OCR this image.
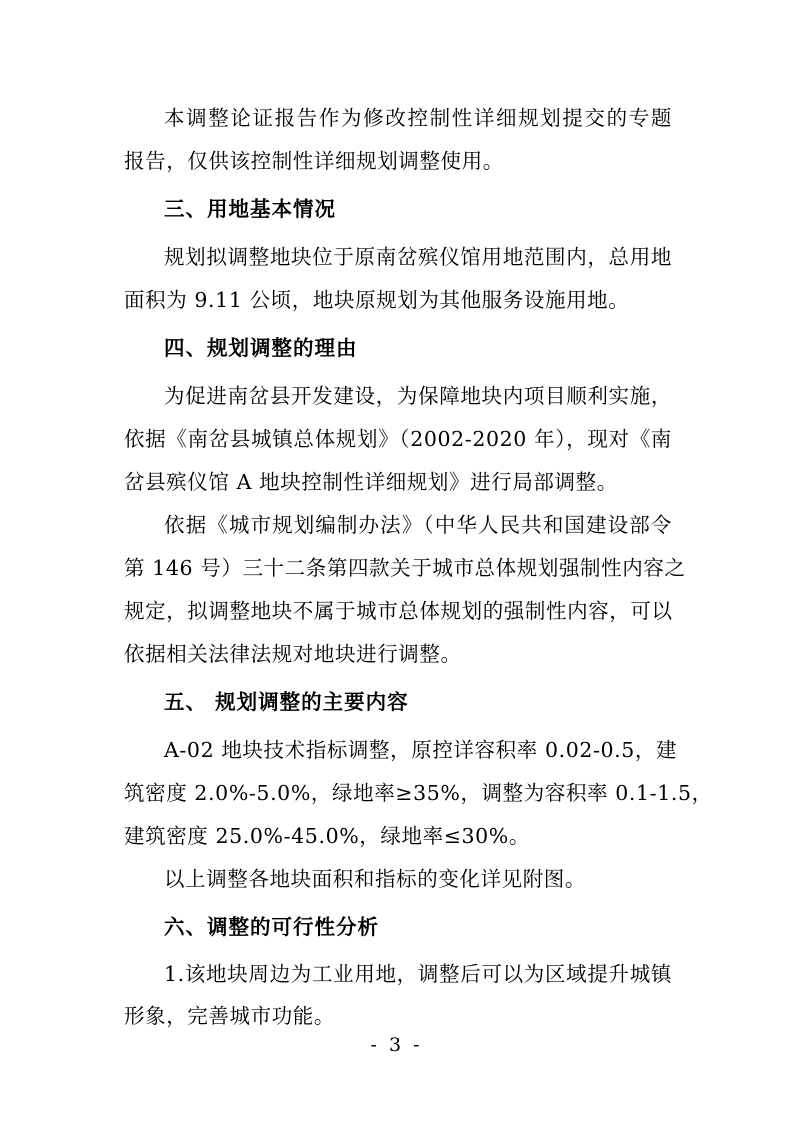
本调整论证报告作为修改控制性详细规划提交的专题
报告，仅供该控制性详细规划调整使用。
三、用地基本情况
规划拟调整地块位于原南岔殡仪馆用地范围内，总用地
面积为 9.11 公顷，地块原规划为其他服务设施用地。
四、规划调整的理由
为促进南岔县开发建设，为保障地块内项目顺利实施，
依据《南岔县城镇总体规划》（2002-2020 年），现对《南
岔县殡仪馆 A 地块控制性详细规划》进行局部调整。
依据《城市规划编制办法》（中华人民共和国建设部令
第 146 号）三十二条第四款关于城市总体规划强制性内容之
规定，拟调整地块不属于城市总体规划的强制性内容，可以
依据相关法律法规对地块进行调整。
五、 规划调整的主要内容
A-02 地块技术指标调整，原控详容积率 0.02-0.5，建
筑密度 2.0%-5.0%，绿地率≥35%，调整为容积率 0.1-1.5，
建筑密度 25.0%-45.0%，绿地率≤30%。
以上调整各地块面积和指标的变化详见附图。
六、调整的可行性分析
1.该地块周边为工业用地，调整后可以为区域提升城镇
形象，完善城市功能。
- 3 -
